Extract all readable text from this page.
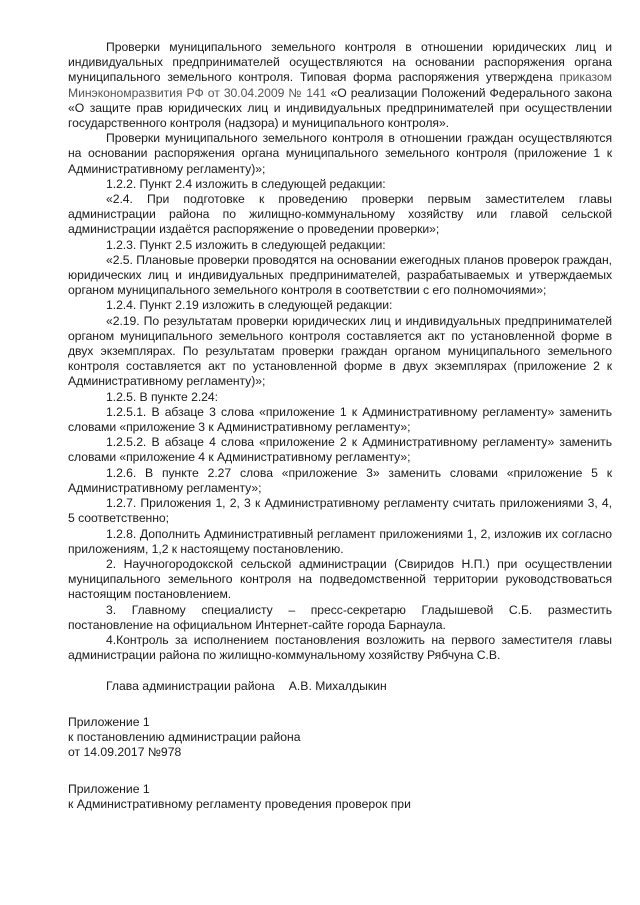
Проверки муниципального земельного контроля в отношении юридических лиц и индивидуальных предпринимателей осуществляются на основании распоряжения органа муниципального земельного контроля. Типовая форма распоряжения утверждена приказом Минэкономразвития РФ от 30.04.2009 № 141 «О реализации Положений Федерального закона «О защите прав юридических лиц и индивидуальных предпринимателей при осуществлении государственного контроля (надзора) и муниципального контроля».

Проверки муниципального земельного контроля в отношении граждан осуществляются на основании распоряжения органа муниципального земельного контроля (приложение 1 к Административному регламенту)»;

1.2.2. Пункт 2.4 изложить в следующей редакции:

«2.4. При подготовке к проведению проверки первым заместителем главы администрации района по жилищно-коммунальному хозяйству или главой сельской администрации издаётся распоряжение о проведении проверки»;

1.2.3. Пункт 2.5 изложить в следующей редакции:

«2.5. Плановые проверки проводятся на основании ежегодных планов проверок граждан, юридических лиц и индивидуальных предпринимателей, разрабатываемых и утверждаемых органом муниципального земельного контроля в соответствии с его полномочиями»;

1.2.4. Пункт 2.19 изложить в следующей редакции:

«2.19. По результатам проверки юридических лиц и индивидуальных предпринимателей органом муниципального земельного контроля составляется акт по установленной форме в двух экземплярах. По результатам проверки граждан органом муниципального земельного контроля составляется акт по установленной форме в двух экземплярах (приложение 2 к Административному регламенту)»;

1.2.5. В пункте 2.24:

1.2.5.1. В абзаце 3 слова «приложение 1 к Административному регламенту» заменить словами «приложение 3 к Административному регламенту»;

1.2.5.2. В абзаце 4 слова «приложение 2 к Административному регламенту» заменить словами «приложение 4 к Административному регламенту»;

1.2.6. В пункте 2.27 слова «приложение 3» заменить словами «приложение 5 к Административному регламенту»;

1.2.7. Приложения 1, 2, 3 к Административному регламенту считать приложениями 3, 4, 5 соответственно;

1.2.8. Дополнить Административный регламент приложениями 1, 2, изложив их согласно приложениям, 1,2 к настоящему постановлению.

2. Научногородокской сельской администрации (Свиридов Н.П.) при осуществлении муниципального земельного контроля на подведомственной территории руководствоваться настоящим постановлением.

3. Главному специалисту – пресс-секретарю Гладышевой С.Б. разместить постановление на официальном Интернет-сайте города Барнаула.

4.Контроль за исполнением постановления возложить на первого заместителя главы администрации района по жилищно-коммунальному хозяйству Рябчуна С.В.

Глава администрации района А.В. Михалдыкин
Приложение 1
к постановлению администрации района
от 14.09.2017 №978
Приложение 1
к Административному регламенту проведения проверок при
